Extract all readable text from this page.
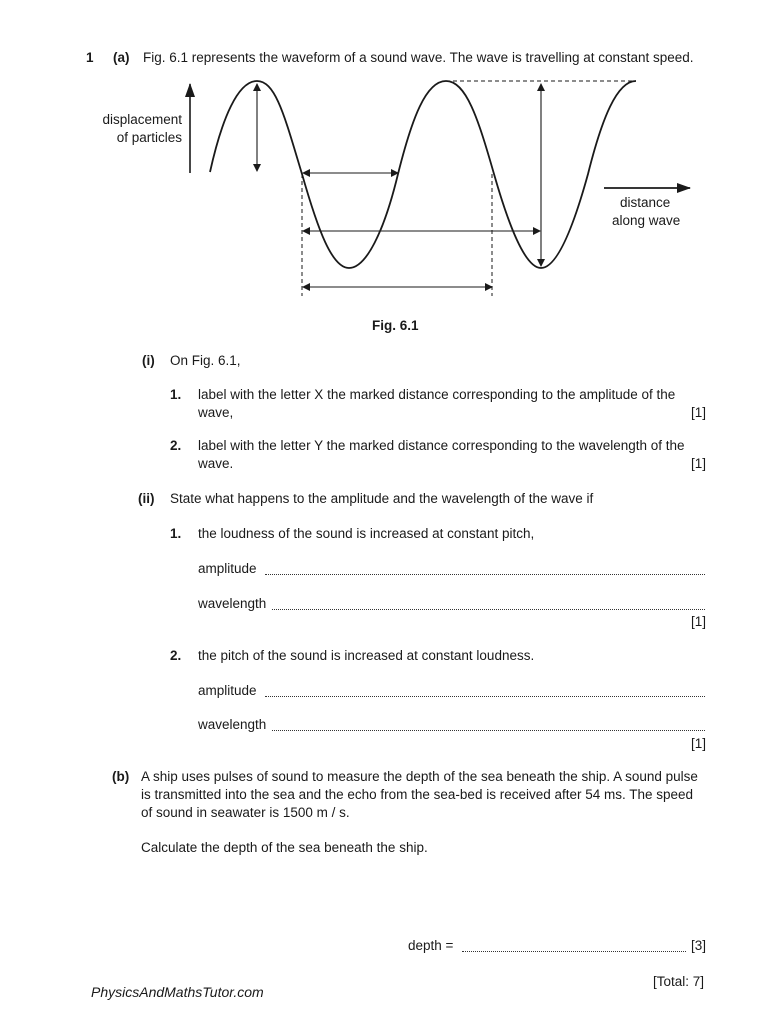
1 (a) Fig. 6.1 represents the waveform of a sound wave. The wave is travelling at constant speed.
displacement
of particles
distance
along wave
Fig. 6.1
(i) On Fig. 6.1,
1. label with the letter X the marked distance corresponding to the amplitude of the
wave,	[1]
2. label with the letter Y the marked distance corresponding to the wavelength of the
wave.	[1]
(ii) State what happens to the amplitude and the wavelength of the wave if
1. the loudness of the sound is increased at constant pitch,
amplitude
wavelength
[1]
2. the pitch of the sound is increased at constant loudness.
amplitude
wavelength
[1]
(b) A ship uses pulses of sound to measure the depth of the sea beneath the ship. A sound pulse
is transmitted into the sea and the echo from the sea-bed is received after 54 ms. The speed
of sound in seawater is 1500 m / s.
Calculate the depth of the sea beneath the ship.
depth =	[3]
[Total: 7]
PhysicsAndMathsTutor.com
